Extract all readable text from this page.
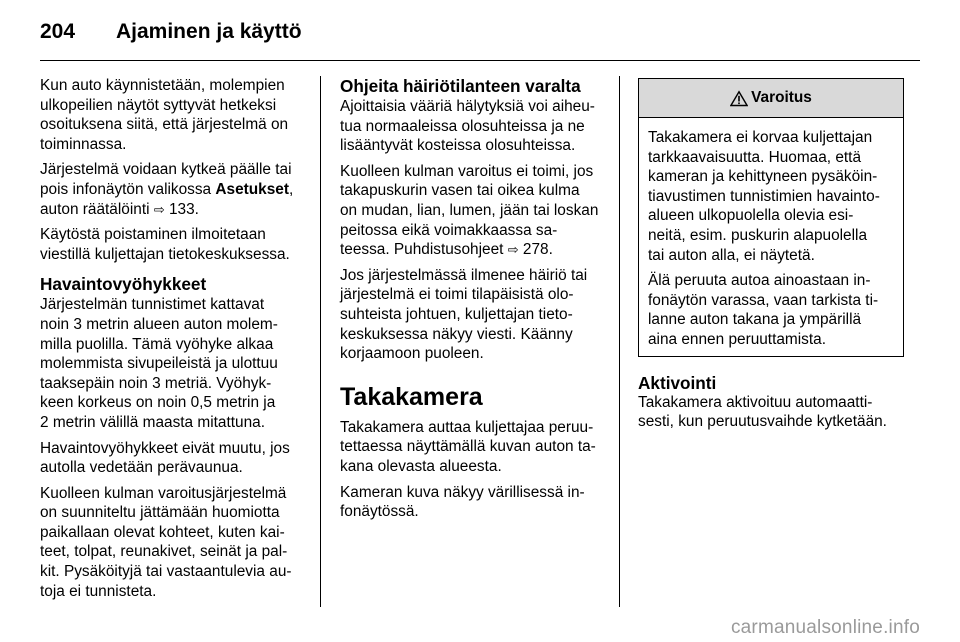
204	Ajaminen ja käyttö
Kun auto käynnistetään, molempien
ulkopeilien näytöt syttyvät hetkeksi
osoituksena siitä, että järjestelmä on
toiminnassa.
Järjestelmä voidaan kytkeä päälle tai
pois infonäytön valikossa Asetukset,
auton räätälöinti ⇨ 133.
Käytöstä poistaminen ilmoitetaan
viestillä kuljettajan tietokeskuksessa.
Havaintovyöhykkeet
Järjestelmän tunnistimet kattavat
noin 3 metrin alueen auton molem-
milla puolilla. Tämä vyöhyke alkaa
molemmista sivupeileistä ja ulottuu
taaksepäin noin 3 metriä. Vyöhyk-
keen korkeus on noin 0,5 metrin ja
2 metrin välillä maasta mitattuna.
Havaintovyöhykkeet eivät muutu, jos
autolla vedetään perävaunua.
Kuolleen kulman varoitusjärjestelmä
on suunniteltu jättämään huomiotta
paikallaan olevat kohteet, kuten kai-
teet, tolpat, reunakivet, seinät ja pal-
kit. Pysäköityjä tai vastaantulevia au-
toja ei tunnisteta.
Ohjeita häiriötilanteen varalta
Ajoittaisia vääriä hälytyksiä voi aiheu-
tua normaaleissa olosuhteissa ja ne
lisääntyvät kosteissa olosuhteissa.
Kuolleen kulman varoitus ei toimi, jos
takapuskurin vasen tai oikea kulma
on mudan, lian, lumen, jään tai loskan
peitossa eikä voimakkaassa sa-
teessa. Puhdistusohjeet ⇨ 278.
Jos järjestelmässä ilmenee häiriö tai
järjestelmä ei toimi tilapäisistä olo-
suhteista johtuen, kuljettajan tieto-
keskuksessa näkyy viesti. Käänny
korjaamoon puoleen.
Takakamera
Takakamera auttaa kuljettajaa peruu-
tettaessa näyttämällä kuvan auton ta-
kana olevasta alueesta.
Kameran kuva näkyy värillisessä in-
fonäytössä.
Varoitus
Takakamera ei korvaa kuljettajan
tarkkaavaisuutta. Huomaa, että
kameran ja kehittyneen pysäköin-
tiavustimen tunnistimien havainto-
alueen ulkopuolella olevia esi-
neitä, esim. puskurin alapuolella
tai auton alla, ei näytetä.
Älä peruuta autoa ainoastaan in-
fonäytön varassa, vaan tarkista ti-
lanne auton takana ja ympärillä
aina ennen peruuttamista.
Aktivointi
Takakamera aktivoituu automaatti-
sesti, kun peruutusvaihde kytketään.
carmanualsonline.info
